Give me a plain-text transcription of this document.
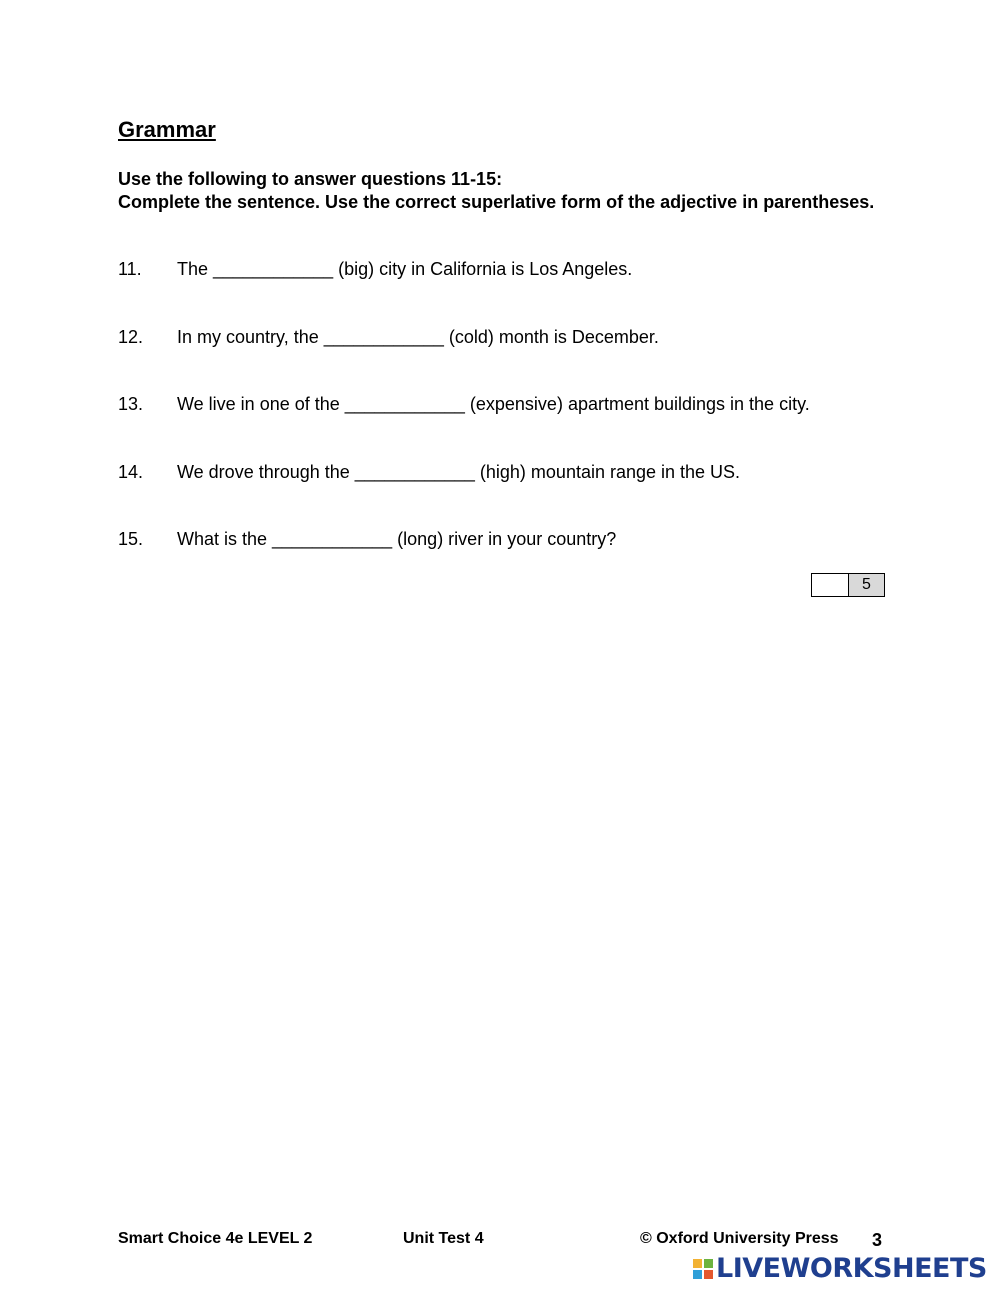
Grammar
Use the following to answer questions 11-15:
Complete the sentence. Use the correct superlative form of the adjective in parentheses.
11. The ____________ (big) city in California is Los Angeles.
12. In my country, the ____________ (cold) month is December.
13. We live in one of the ____________ (expensive) apartment buildings in the city.
14. We drove through the ____________ (high) mountain range in the US.
15. What is the ____________ (long) river in your country?
5
Smart Choice 4e LEVEL 2	Unit Test 4	© Oxford University Press 3
LIVEWORKSHEETS
